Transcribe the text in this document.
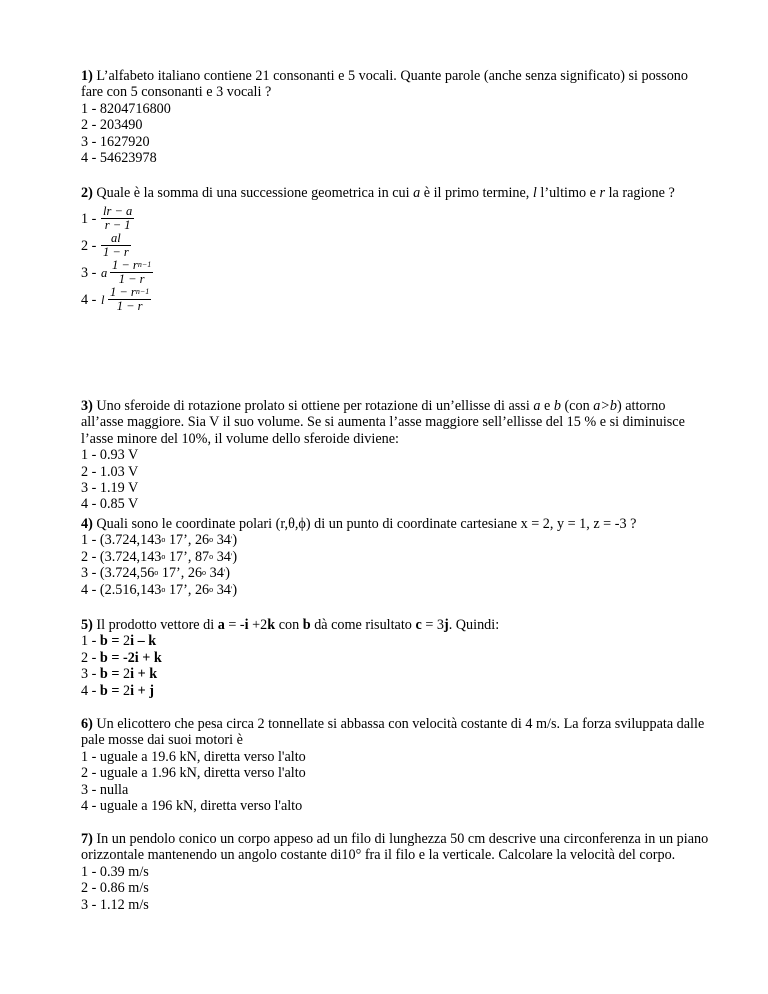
1) L’alfabeto italiano contiene 21 consonanti e 5 vocali. Quante parole (anche senza significato) si possono fare con 5 consonanti e 3 vocali ?
1 - 8204716800
2 - 203490
3 - 1627920
4 - 54623978
2) Quale è la somma di una successione geometrica in cui a è il primo termine, l l’ultimo e r la ragione ?
$1 - \frac{lr - a}{r - 1}$
$2 - \frac{al}{1 - r}$
3 - a $\frac{1 - r^{n-1}}{1 - r}$
4 - l $\frac{1 - r^{n-1}}{1 - r}$
3) Uno sferoide di rotazione prolato si ottiene per rotazione di un’ellisse di assi a e b (con a>b) attorno all’asse maggiore. Sia V il suo volume. Se si aumenta l’asse maggiore sell’ellisse del 15 % e si diminuisce l’asse minore del 10%, il volume dello sferoide diviene:
1 - 0.93 V
2 - 1.03 V
3 - 1.19 V
4 - 0.85 V
4) Quali sono le coordinate polari (r,θ,ϕ) di un punto di coordinate cartesiane x = 2, y = 1, z = -3 ?
1 - (3.724,143$^o$ 17’, 26$^o$ 34')
2 - (3.724,143$^o$ 17’, 87$^o$ 34')
3 - (3.724,56$^o$ 17’, 26$^o$ 34')
4 - (2.516,143$^o$ 17’, 26$^o$ 34')
5) Il prodotto vettore di a = -i +2k con b dà come risultato c = 3j. Quindi:
1 - b = 2i – k
2 - b = -2i + k
3 - b = 2i + k
4 - b = 2i + j
6) Un elicottero che pesa circa 2 tonnellate si abbassa con velocità costante di 4 m/s. La forza sviluppata dalle pale mosse dai suoi motori è
1 - uguale a 19.6 kN, diretta verso l'alto
2 - uguale a 1.96 kN, diretta verso l'alto
3 - nulla
4 - uguale a 196 kN, diretta verso l'alto
7) In un pendolo conico un corpo appeso ad un filo di lunghezza 50 cm descrive una circonferenza in un piano orizzontale mantenendo un angolo costante di10° fra il filo e la verticale. Calcolare la velocità del corpo.
1 - 0.39 m/s
2 - 0.86 m/s
3 - 1.12 m/s
